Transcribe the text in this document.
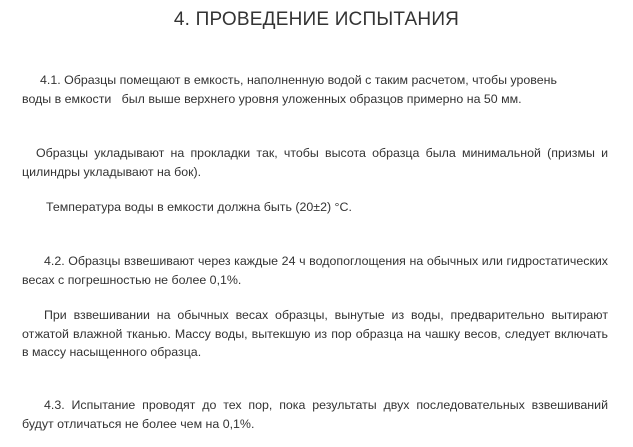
4. ПРОВЕДЕНИЕ ИСПЫТАНИЯ

4.1. Образцы помещают в емкость, наполненную водой с таким расчетом, чтобы уровень
воды в емкости   был выше верхнего уровня уложенных образцов примерно на 50 мм.

Образцы укладывают на прокладки так, чтобы высота образца была минимальной (призмы и цилиндры укладывают на бок).

Температура воды в емкости должна быть (20±2) °С.

4.2. Образцы взвешивают через каждые 24 ч водопоглощения на обычных или гидростатических весах с погрешностью не более 0,1%.

При взвешивании на обычных весах образцы, вынутые из воды, предварительно вытирают отжатой влажной тканью. Массу воды, вытекшую из пор образца на чашку весов, следует включать в массу насыщенного образца.

4.3. Испытание проводят до тех пор, пока результаты двух последовательных взвешиваний будут отличаться не более чем на 0,1%.
